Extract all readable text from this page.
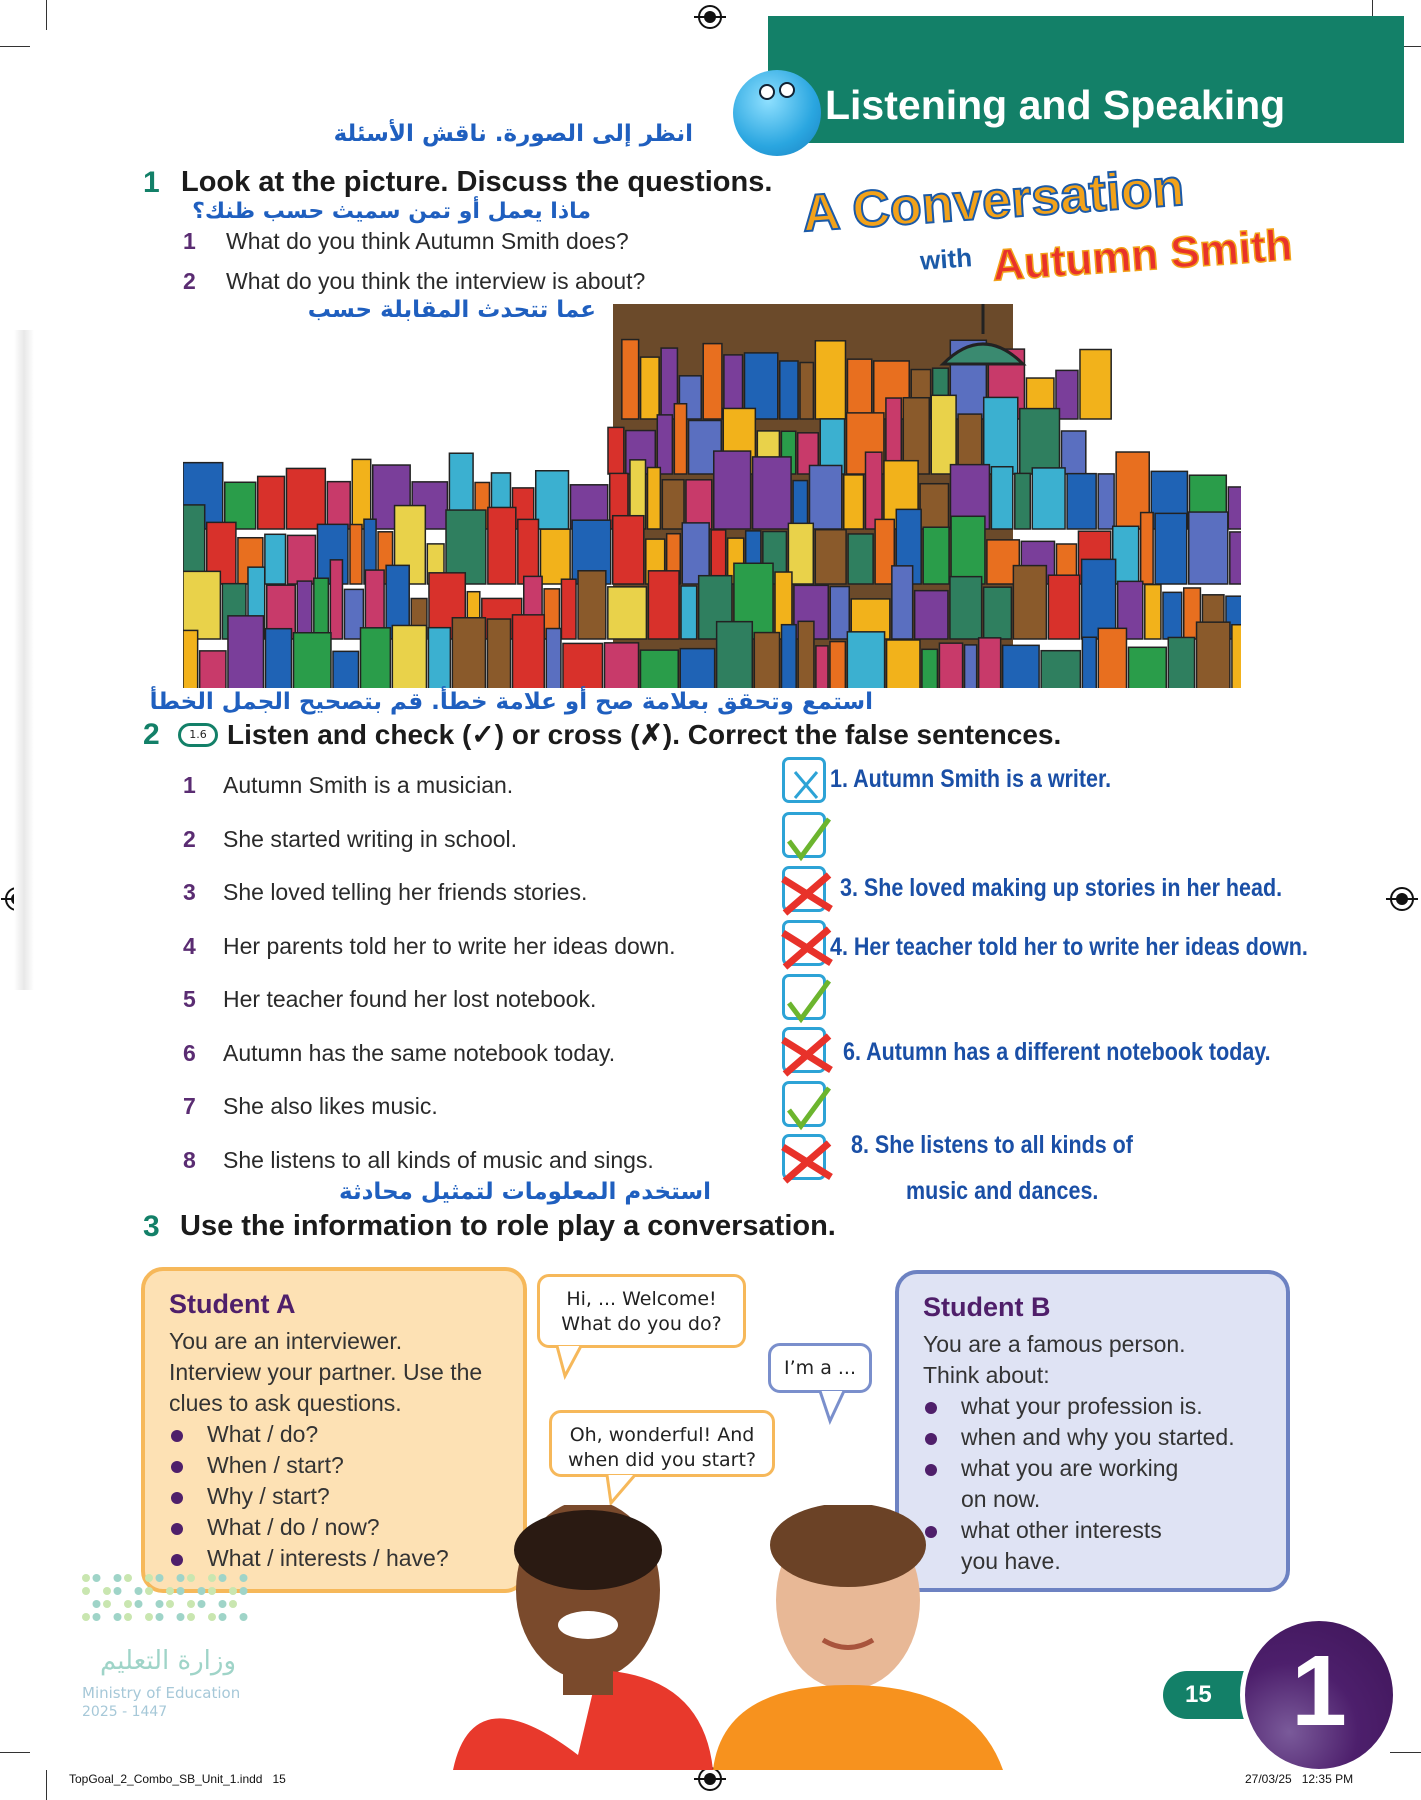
Listening and Speaking
انظر إلى الصورة. ناقش الأسئلة
1 Look at the picture. Discuss the questions.
ماذا يعمل أو تمن سميث حسب ظنك؟
1 What do you think Autumn Smith does?
2 What do you think the interview is about?
عما تتحدث المقابلة حسب
A Conversation
with Autumn Smith
استمع وتحقق بعلامة صح أو علامة خطأ. قم بتصحيح الجمل الخطأ
2	1.6 Listen and check (✓) or cross (✗). Correct the false sentences.
1 Autumn Smith is a musician.	1. Autumn Smith is a writer.
2 She started writing in school.
3 She loved telling her friends stories.	3. She loved making up stories in her head.
4 Her parents told her to write her ideas down.	4. Her teacher told her to write her ideas down.
5 Her teacher found her lost notebook.
6 Autumn has the same notebook today.	6. Autumn has a different notebook today.
7 She also likes music.
8 She listens to all kinds of music and sings.
8. She listens to all kinds of
music and dances.
استخدم المعلومات لتمثيل محادثة
3 Use the information to role play a conversation.
Student A

You are an interviewer. Interview your partner. Use the clues to ask questions.

What / do?
When / start?
Why / start?
What / do / now?
What / interests / have?
Hi, ... Welcome!
What do you do?
I’m a ...
Oh, wonderful! And
when did you start?
Student B

You are a famous person. Think about:

what your profession is.
when and why you started.
what you are working on now.
what other interests you have.
وزارة التعليم
Ministry of Education
2025 - 1447
15 1
TopGoal_2_Combo_SB_Unit_1.indd   15	27/03/25   12:35 PM
